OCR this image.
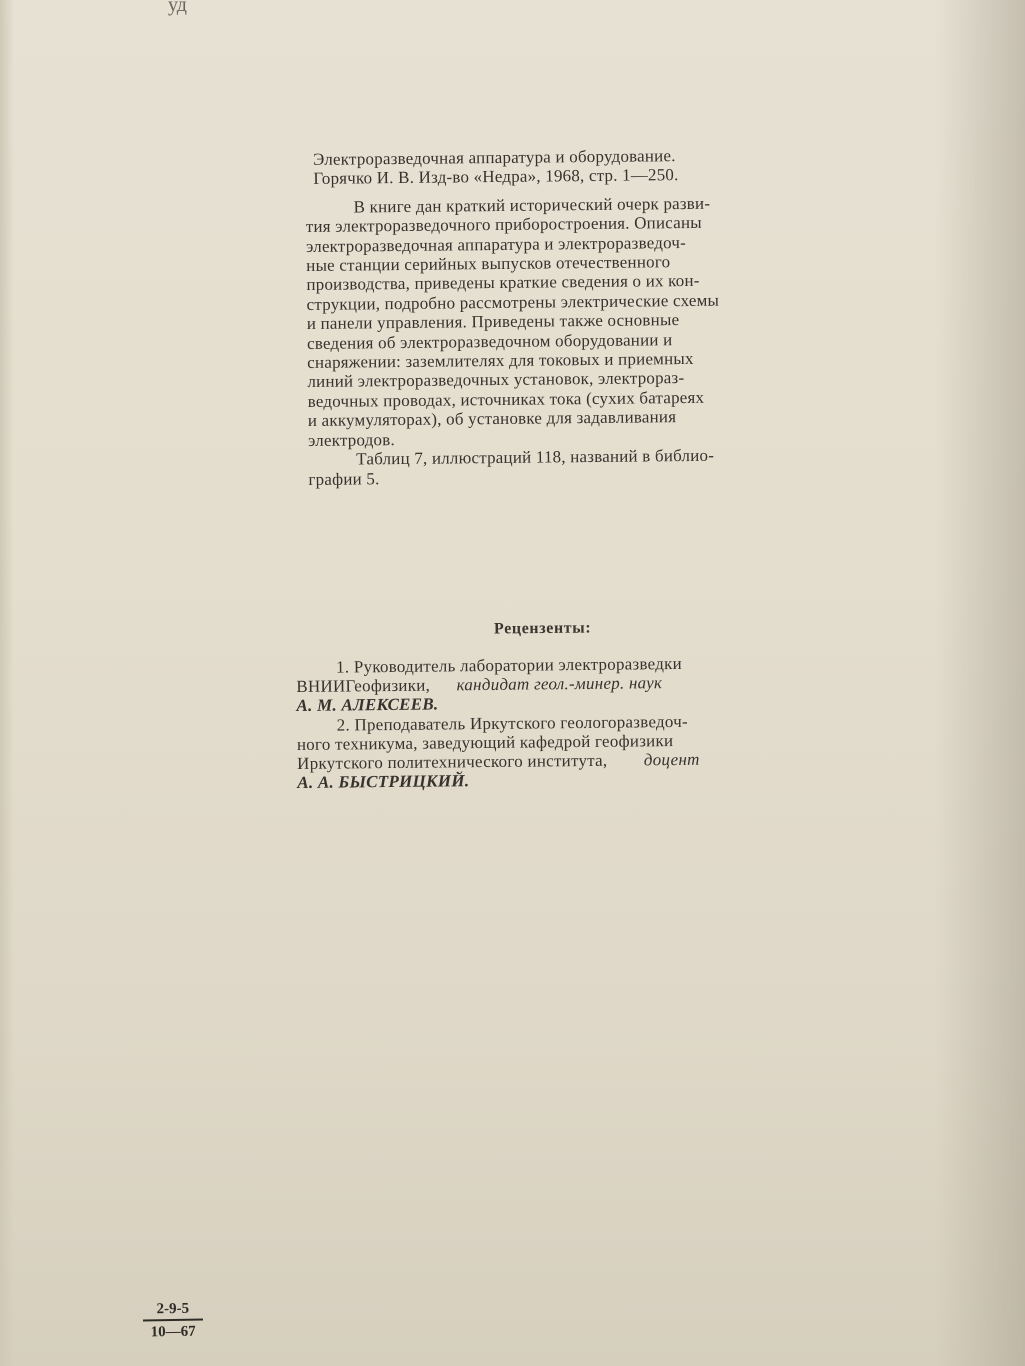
уд
Электроразведочная аппаратура и оборудование.
Горячко И. В. Изд-во «Недра», 1968, стр. 1—250.
В книге дан краткий исторический очерк разви-
тия электроразведочного приборостроения. Описаны
электроразведочная аппаратура и электроразведоч-
ные станции серийных выпусков отечественного
производства, приведены краткие сведения о их кон-
струкции, подробно рассмотрены электрические схемы
и панели управления. Приведены также основные
сведения об электроразведочном оборудовании и
снаряжении: заземлителях для токовых и приемных
линий электроразведочных установок, электрораз-
ведочных проводах, источниках тока (сухих батареях
и аккумуляторах), об установке для задавливания
электродов.
Таблиц 7, иллюстраций 118, названий в библио-
графии 5.
Рецензенты:
1. Руководитель лаборатории электроразведки
ВНИИГеофизики, кандидат геол.-минер. наук
А. М. АЛЕКСЕЕВ.
2. Преподаватель Иркутского геологоразведоч-
ного техникума, заведующий кафедрой геофизики
Иркутского политехнического института, доцент
А. А. БЫСТРИЦКИЙ.
2-9-5
10—67
